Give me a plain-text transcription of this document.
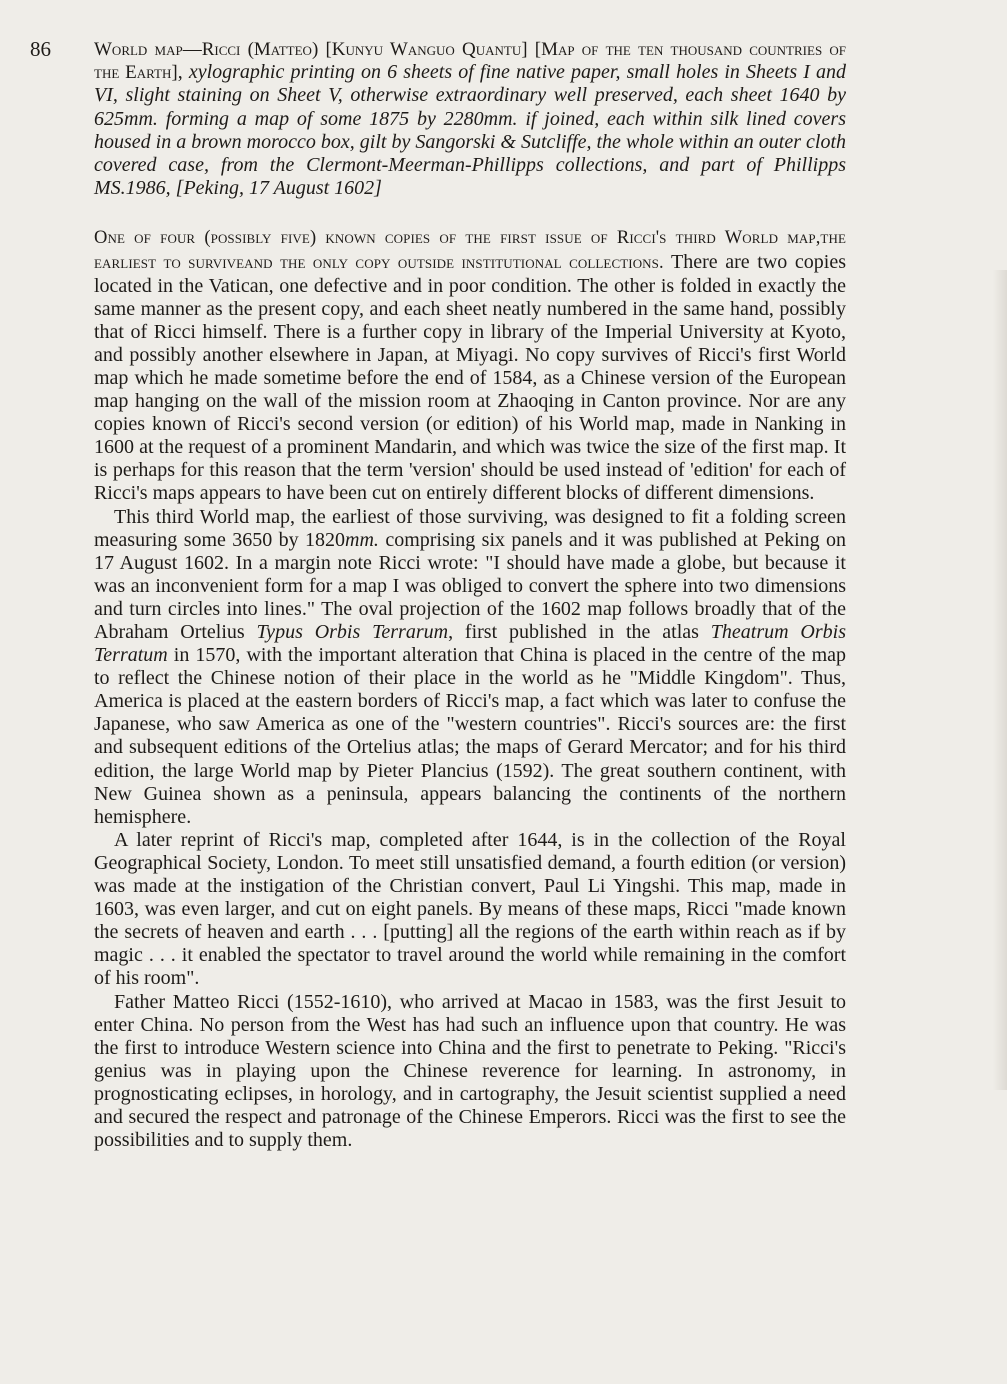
86 World map—Ricci (Matteo) [Kunyu Wanguo Quantu] [Map of the ten thousand countries of the Earth], xylographic printing on 6 sheets of fine native paper, small holes in Sheets I and VI, slight staining on Sheet V, otherwise extraordinary well preserved, each sheet 1640 by 625mm. forming a map of some 1875 by 2280mm. if joined, each within silk lined covers housed in a brown morocco box, gilt by Sangorski & Sutcliffe, the whole within an outer cloth covered case, from the Clermont-Meerman-Phillipps collections, and part of Phillipps MS.1986, [Peking, 17 August 1602]

One of four (possibly five) known copies of the first issue of Ricci's third World map,the earliest to surviveand the only copy outside institutional collections. There are two copies located in the Vatican, one defective and in poor condition. The other is folded in exactly the same manner as the present copy, and each sheet neatly numbered in the same hand, possibly that of Ricci himself. There is a further copy in library of the Imperial University at Kyoto, and possibly another elsewhere in Japan, at Miyagi. No copy survives of Ricci's first World map which he made sometime before the end of 1584, as a Chinese version of the European map hanging on the wall of the mission room at Zhaoqing in Canton province. Nor are any copies known of Ricci's second version (or edition) of his World map, made in Nanking in 1600 at the request of a prominent Mandarin, and which was twice the size of the first map. It is perhaps for this reason that the term 'version' should be used instead of 'edition' for each of Ricci's maps appears to have been cut on entirely different blocks of different dimensions.

 This third World map, the earliest of those surviving, was designed to fit a folding screen measuring some 3650 by 1820mm. comprising six panels and it was published at Peking on 17 August 1602. In a margin note Ricci wrote: "I should have made a globe, but because it was an inconvenient form for a map I was obliged to convert the sphere into two dimensions and turn circles into lines." The oval projection of the 1602 map follows broadly that of the Abraham Ortelius Typus Orbis Terrarum, first published in the atlas Theatrum Orbis Terratum in 1570, with the important alteration that China is placed in the centre of the map to reflect the Chinese notion of their place in the world as he "Middle Kingdom". Thus, America is placed at the eastern borders of Ricci's map, a fact which was later to confuse the Japanese, who saw America as one of the "western countries". Ricci's sources are: the first and subsequent editions of the Ortelius atlas; the maps of Gerard Mercator; and for his third edition, the large World map by Pieter Plancius (1592). The great southern continent, with New Guinea shown as a peninsula, appears balancing the continents of the northern hemisphere.

 A later reprint of Ricci's map, completed after 1644, is in the collection of the Royal Geographical Society, London. To meet still unsatisfied demand, a fourth edition (or version) was made at the instigation of the Christian convert, Paul Li Yingshi. This map, made in 1603, was even larger, and cut on eight panels. By means of these maps, Ricci "made known the secrets of heaven and earth . . . [putting] all the regions of the earth within reach as if by magic . . . it enabled the spectator to travel around the world while remaining in the comfort of his room".

 Father Matteo Ricci (1552-1610), who arrived at Macao in 1583, was the first Jesuit to enter China. No person from the West has had such an influence upon that country. He was the first to introduce Western science into China and the first to penetrate to Peking. "Ricci's genius was in playing upon the Chinese reverence for learning. In astronomy, in prognosticating eclipses, in horology, and in cartography, the Jesuit scientist supplied a need and secured the respect and patronage of the Chinese Emperors. Ricci was the first to see the possibilities and to supply them.
